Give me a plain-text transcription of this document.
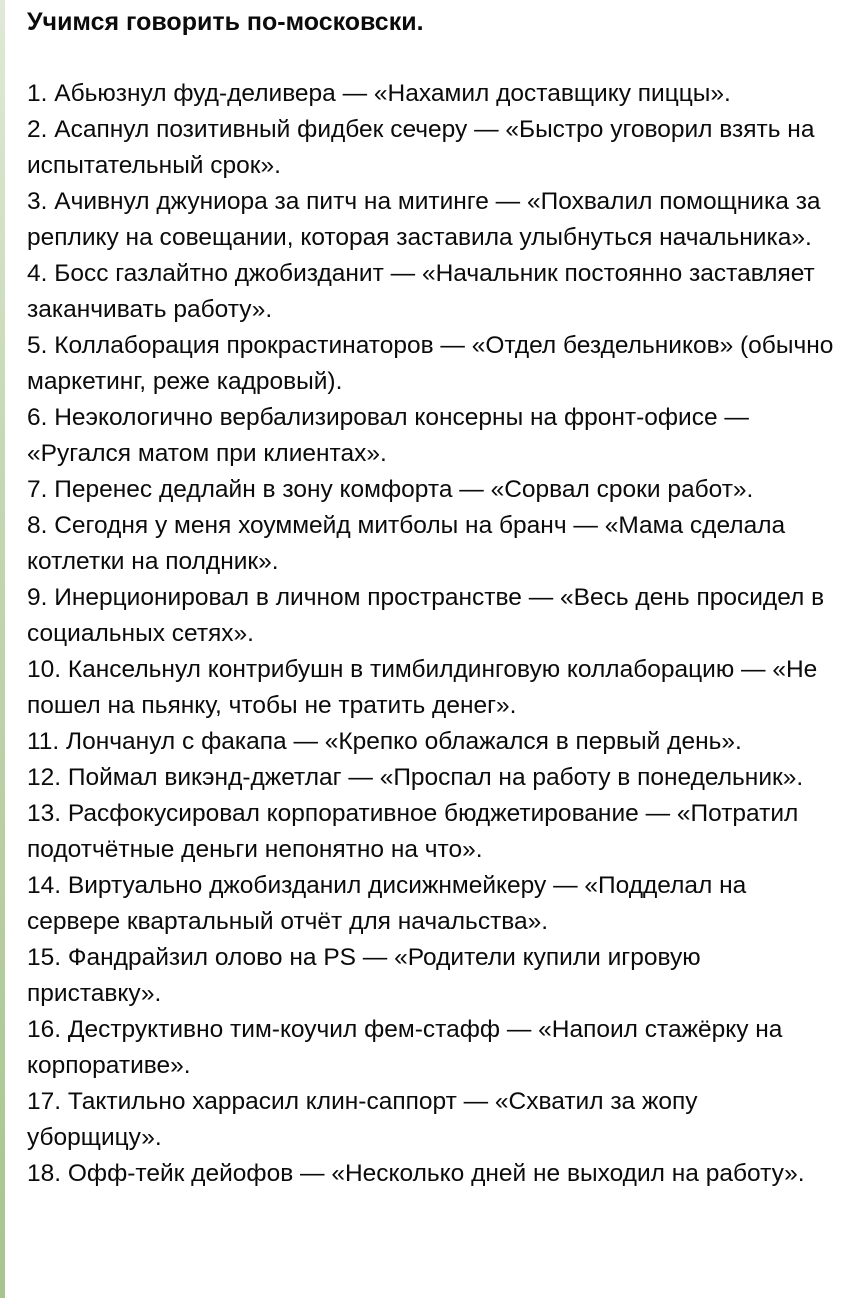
Учимся говорить по-московски.
1. Абьюзнул фуд-деливера — «Нахамил доставщику пиццы».
2. Асапнул позитивный фидбек сечеру — «Быстро уговорил взять на испытательный срок».
3. Ачивнул джуниора за питч на митинге — «Похвалил помощника за реплику на совещании, которая заставила улыбнуться начальника».
4. Босс газлайтно джобизданит — «Начальник постоянно заставляет заканчивать работу».
5. Коллаборация прокрастинаторов — «Отдел бездельников» (обычно маркетинг, реже кадровый).
6. Неэкологично вербализировал консерны на фронт-офисе — «Ругался матом при клиентах».
7. Перенес дедлайн в зону комфорта — «Сорвал сроки работ».
8. Сегодня у меня хоуммейд митболы на бранч — «Мама сделала котлетки на полдник».
9. Инерционировал в личном пространстве — «Весь день просидел в социальных сетях».
10. Кансельнул контрибушн в тимбилдинговую коллаборацию — «Не пошел на пьянку, чтобы не тратить денег».
11. Лончанул с факапа — «Крепко облажался в первый день».
12. Поймал викэнд-джетлаг — «Проспал на работу в понедельник».
13. Расфокусировал корпоративное бюджетирование — «Потратил подотчётные деньги непонятно на что».
14. Виртуально джобизданил дисижнмейкеру — «Подделал на сервере квартальный отчёт для начальства».
15. Фандрайзил олово на PS — «Родители купили игровую приставку».
16. Деструктивно тим-коучил фем-стафф — «Напоил стажёрку на корпоративе».
17. Тактильно харрасил клин-саппорт — «Схватил за жопу уборщицу».
18. Офф-тейк дейофов — «Несколько дней не выходил на работу».
